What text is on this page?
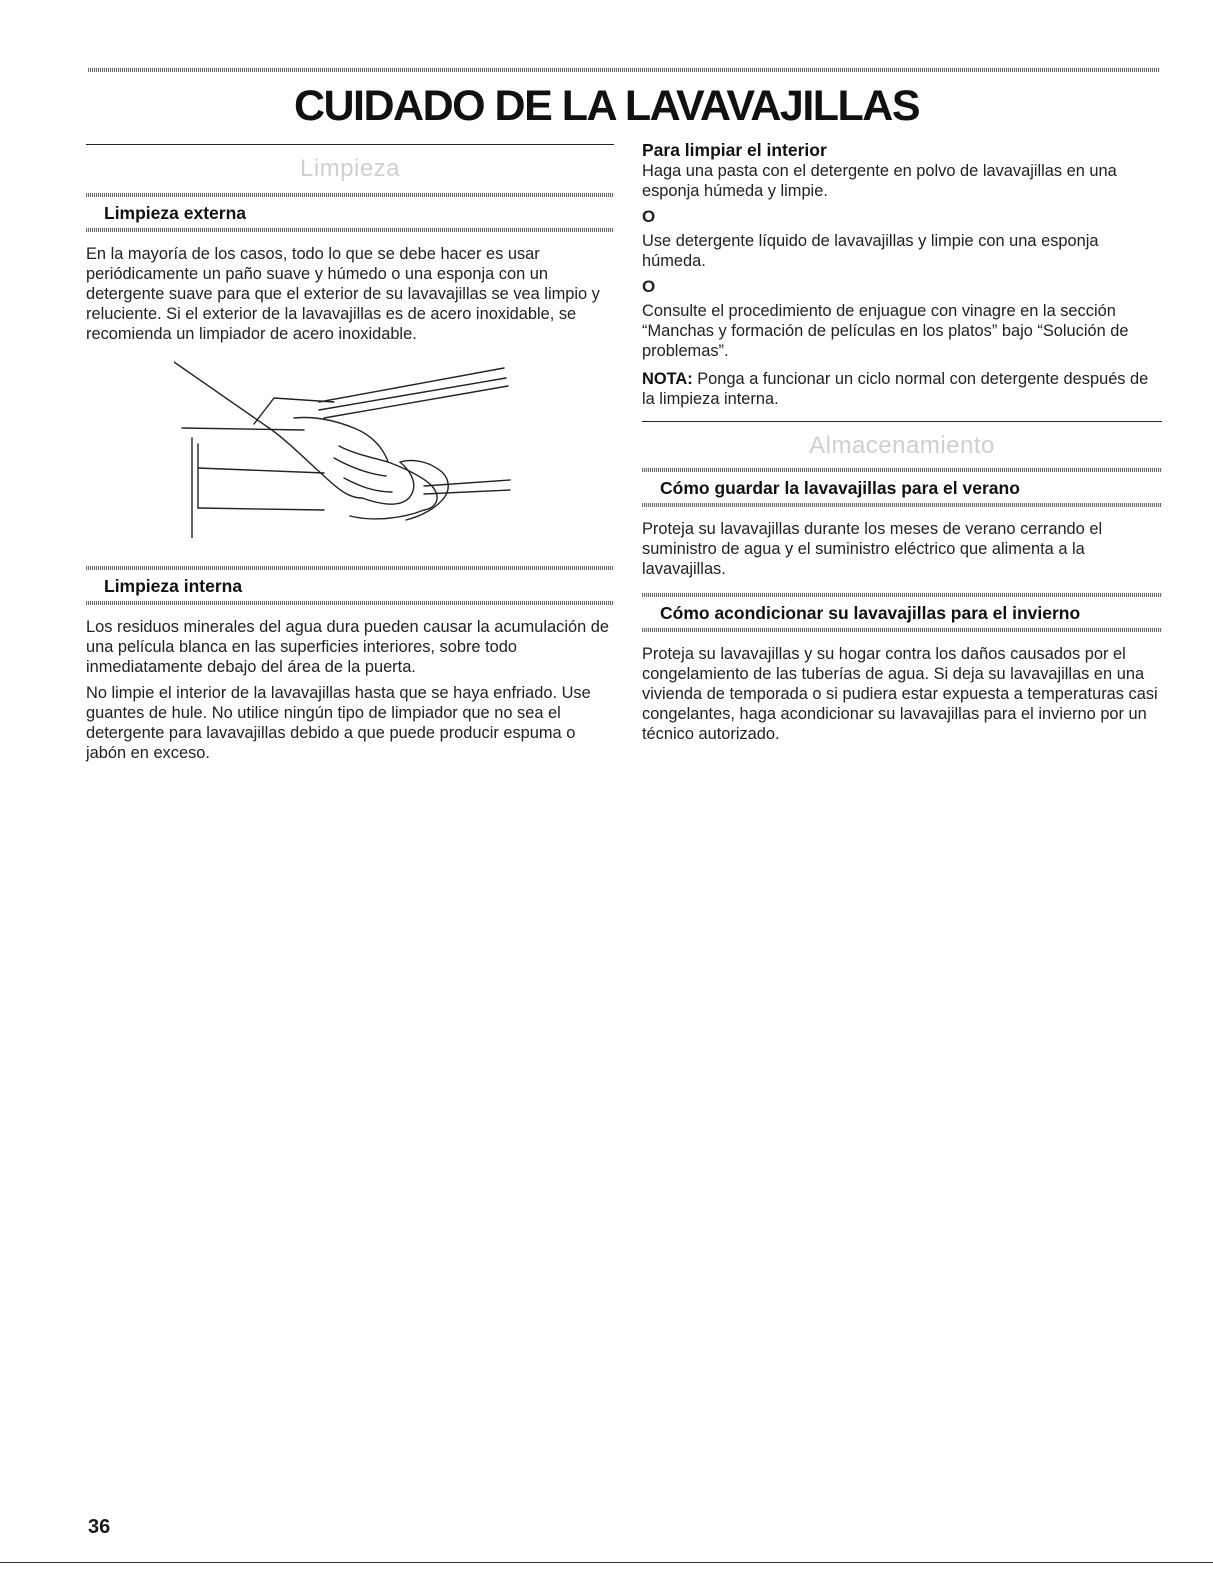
CUIDADO DE LA LAVAVAJILLAS
Limpieza
Limpieza externa

En la mayoría de los casos, todo lo que se debe hacer es usar periódicamente un paño suave y húmedo o una esponja con un detergente suave para que el exterior de su lavavajillas se vea limpio y reluciente. Si el exterior de la lavavajillas es de acero inoxidable, se recomienda un limpiador de acero inoxidable.

Limpieza interna

Los residuos minerales del agua dura pueden causar la acumulación de una película blanca en las superficies interiores, sobre todo inmediatamente debajo del área de la puerta.

No limpie el interior de la lavavajillas hasta que se haya enfriado. Use guantes de hule. No utilice ningún tipo de limpiador que no sea el detergente para lavavajillas debido a que puede producir espuma o jabón en exceso.

Para limpiar el interior

Haga una pasta con el detergente en polvo de lavavajillas en una esponja húmeda y limpie.

O

Use detergente líquido de lavavajillas y limpie con una esponja húmeda.

O

Consulte el procedimiento de enjuague con vinagre en la sección “Manchas y formación de películas en los platos” bajo “Solución de problemas”.

NOTA: Ponga a funcionar un ciclo normal con detergente después de la limpieza interna.

Almacenamiento
Cómo guardar la lavavajillas para el verano

Proteja su lavavajillas durante los meses de verano cerrando el suministro de agua y el suministro eléctrico que alimenta a la lavavajillas.

Cómo acondicionar su lavavajillas para el invierno

Proteja su lavavajillas y su hogar contra los daños causados por el congelamiento de las tuberías de agua. Si deja su lavavajillas en una vivienda de temporada o si pudiera estar expuesta a temperaturas casi congelantes, haga acondicionar su lavavajillas para el invierno por un técnico autorizado.

36
